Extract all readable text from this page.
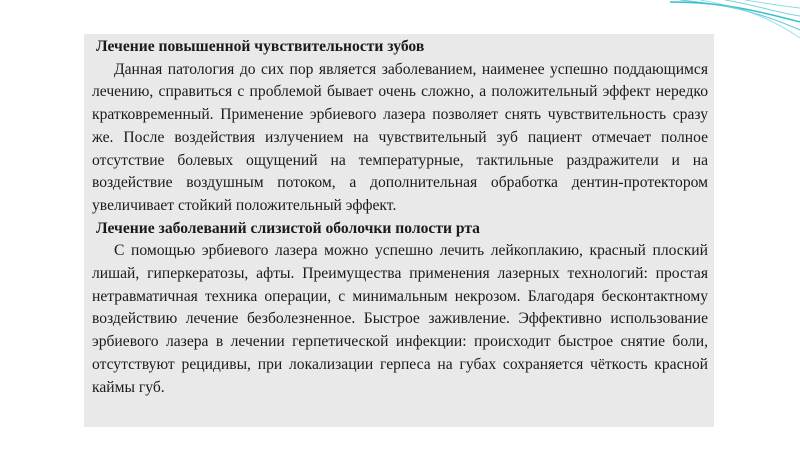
Лечение повышенной чувствительности зубов

Данная патология до сих пор является заболеванием, наименее успешно поддающимся лечению, справиться с проблемой бывает очень сложно, а положительный эффект нередко кратковременный. Применение эрбиевого лазера позволяет снять чувствительность сразу же. После воздействия излучением на чувствительный зуб пациент отмечает полное отсутствие болевых ощущений на температурные, тактильные раздражители и на воздействие воздушным потоком, а дополнительная обработка дентин-протектором увеличивает стойкий положительный эффект.

Лечение заболеваний слизистой оболочки полости рта

С помощью эрбиевого лазера можно успешно лечить лейкоплакию, красный плоский лишай, гиперкератозы, афты. Преимущества применения лазерных технологий: простая нетравматичная техника операции, с минимальным некрозом. Благодаря бесконтактному воздействию лечение безболезненное. Быстрое заживление. Эффективно использование эрбиевого лазера в лечении герпетической инфекции: происходит быстрое снятие боли, отсутствуют рецидивы, при локализации герпеса на губах сохраняется чёткость красной каймы губ.
